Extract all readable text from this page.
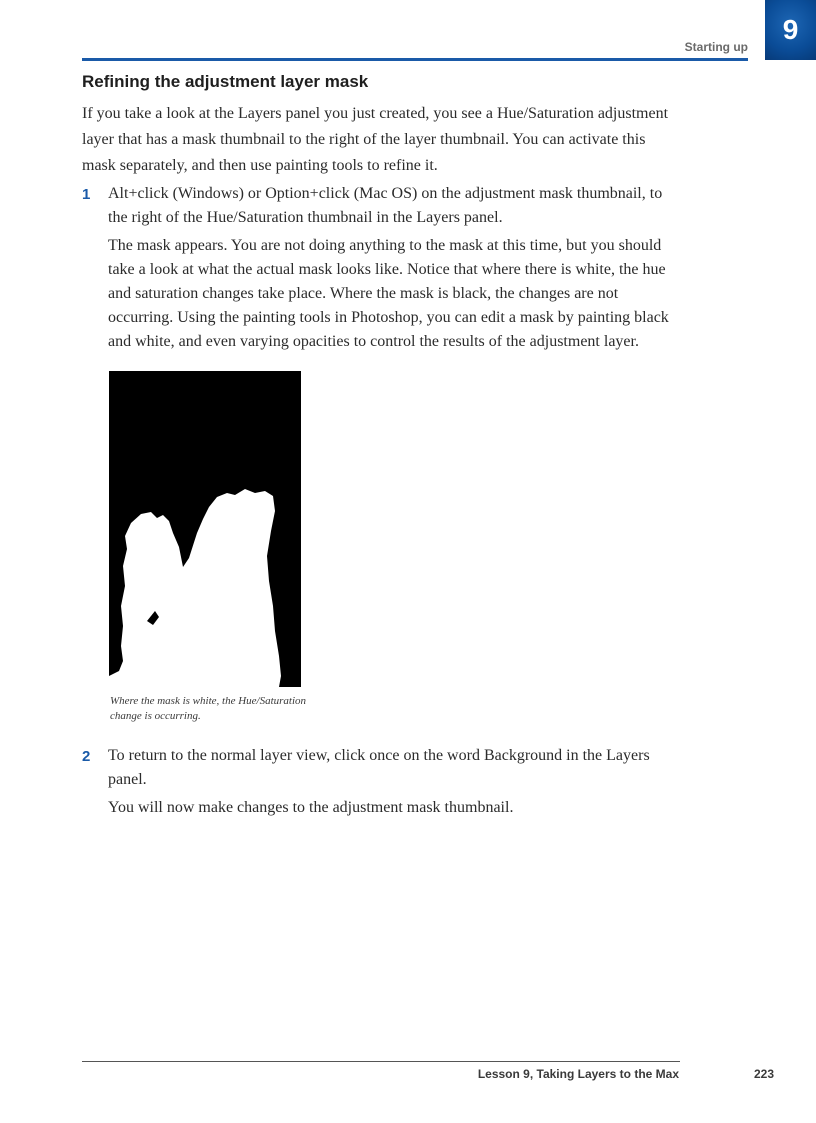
9
Starting up
Refining the adjustment layer mask

If you take a look at the Layers panel you just created, you see a Hue/Saturation adjustment layer that has a mask thumbnail to the right of the layer thumbnail. You can activate this mask separately, and then use painting tools to refine it.

1 Alt+click (Windows) or Option+click (Mac OS) on the adjustment mask thumbnail, to the right of the Hue/Saturation thumbnail in the Layers panel.

The mask appears. You are not doing anything to the mask at this time, but you should take a look at what the actual mask looks like. Notice that where there is white, the hue and saturation changes take place. Where the mask is black, the changes are not occurring. Using the painting tools in Photoshop, you can edit a mask by painting black and white, and even varying opacities to control the results of the adjustment layer.

Where the mask is white, the Hue/Saturation change is occurring.

2 To return to the normal layer view, click once on the word Background in the Layers panel.

You will now make changes to the adjustment mask thumbnail.

Lesson 9, Taking Layers to the Max	223
